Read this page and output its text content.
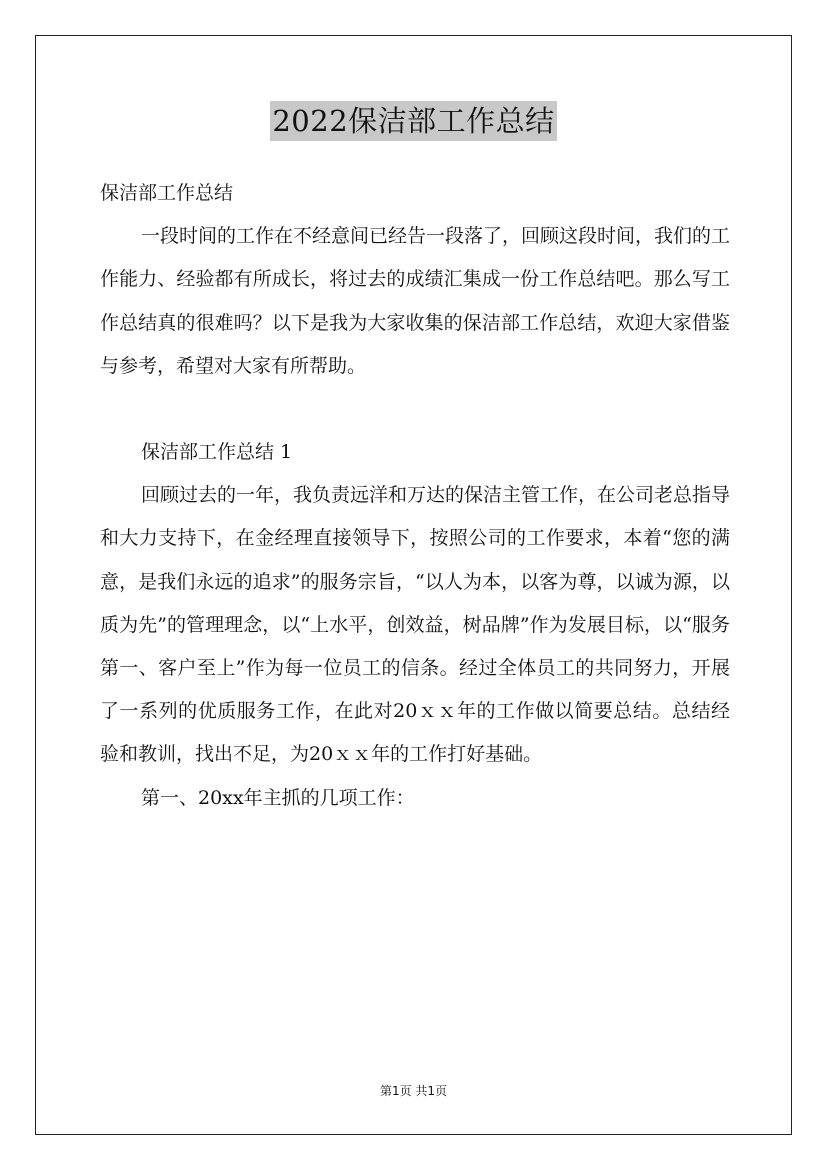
2022保洁部工作总结

保洁部工作总结

一段时间的工作在不经意间已经告一段落了，回顾这段时间，我们的工作能力、经验都有所成长，将过去的成绩汇集成一份工作总结吧。那么写工作总结真的很难吗？以下是我为大家收集的保洁部工作总结，欢迎大家借鉴与参考，希望对大家有所帮助。

保洁部工作总结 1

回顾过去的一年，我负责远洋和万达的保洁主管工作，在公司老总指导和大力支持下，在金经理直接领导下，按照公司的工作要求，本着“您的满意，是我们永远的追求”的服务宗旨，“以人为本，以客为尊，以诚为源，以质为先”的管理理念，以“上水平，创效益，树品牌”作为发展目标，以“服务第一、客户至上”作为每一位员工的信条。经过全体员工的共同努力，开展了一系列的优质服务工作，在此对20ｘｘ年的工作做以简要总结。总结经验和教训，找出不足，为20ｘｘ年的工作打好基础。

第一、20xx年主抓的几项工作：

第1页 共1页
